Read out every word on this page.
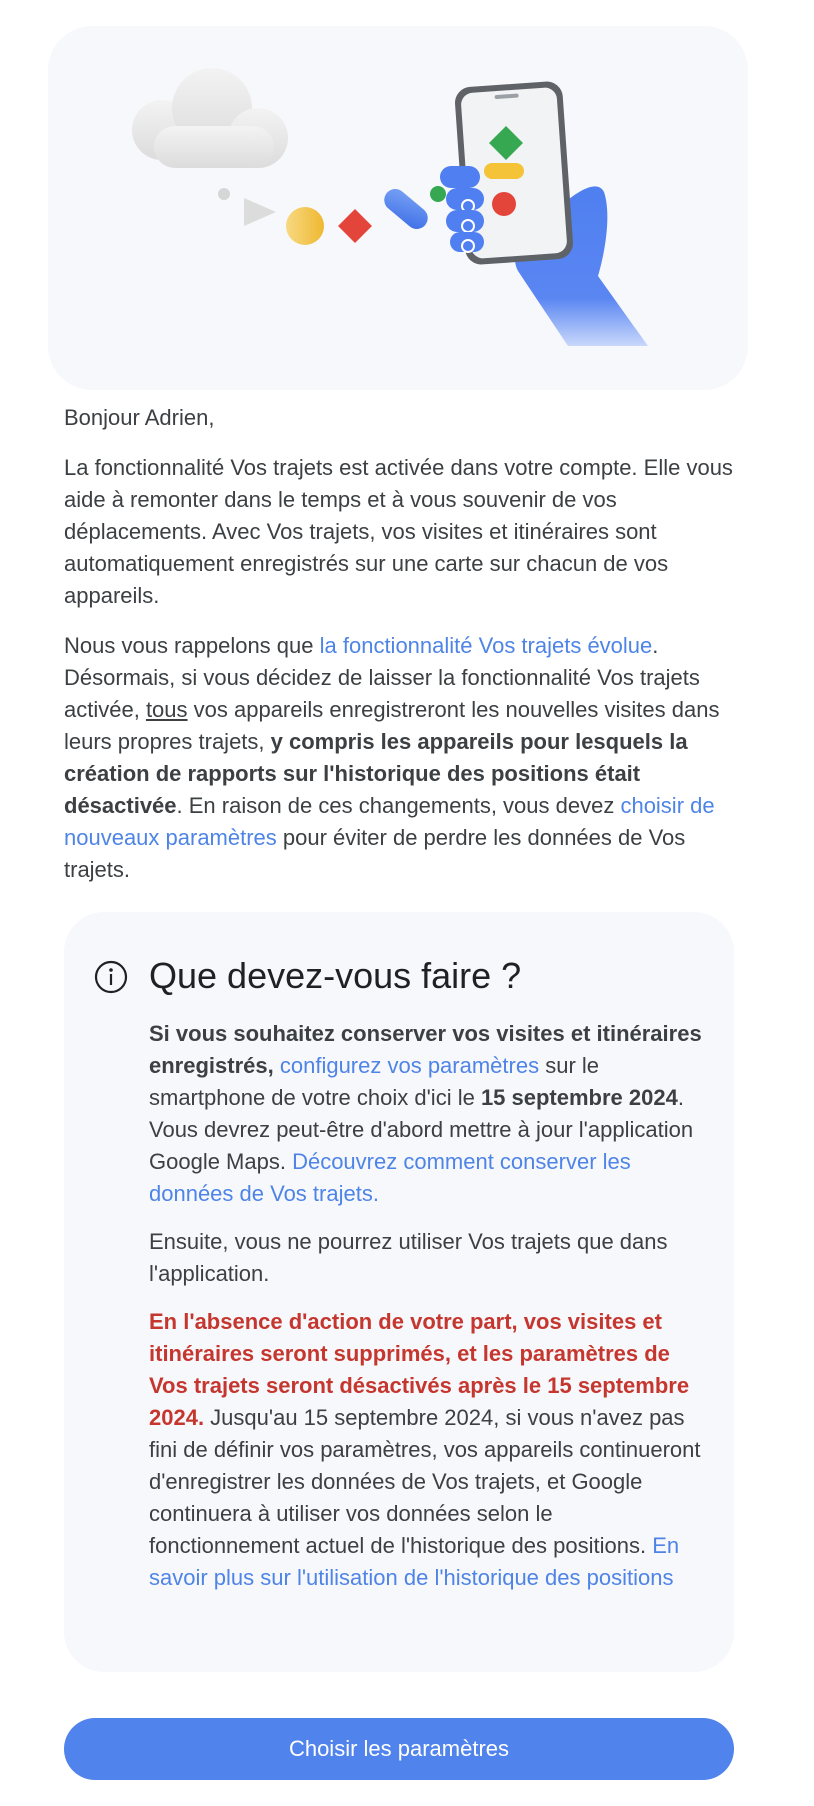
Bonjour Adrien,

La fonctionnalité Vos trajets est activée dans votre compte. Elle vous aide à remonter dans le temps et à vous souvenir de vos déplacements. Avec Vos trajets, vos visites et itinéraires sont automatiquement enregistrés sur une carte sur chacun de vos appareils.

Nous vous rappelons que la fonctionnalité Vos trajets évolue. Désormais, si vous décidez de laisser la fonctionnalité Vos trajets activée, tous vos appareils enregistreront les nouvelles visites dans leurs propres trajets, y compris les appareils pour lesquels la création de rapports sur l'historique des positions était désactivée. En raison de ces changements, vous devez choisir de nouveaux paramètres pour éviter de perdre les données de Vos trajets.

Que devez-vous faire ?

Si vous souhaitez conserver vos visites et itinéraires enregistrés, configurez vos paramètres sur le smartphone de votre choix d'ici le 15 septembre 2024. Vous devrez peut-être d'abord mettre à jour l'application Google Maps. Découvrez comment conserver les données de Vos trajets.

Ensuite, vous ne pourrez utiliser Vos trajets que dans l'application.

En l'absence d'action de votre part, vos visites et itinéraires seront supprimés, et les paramètres de Vos trajets seront désactivés après le 15 septembre 2024. Jusqu'au 15 septembre 2024, si vous n'avez pas fini de définir vos paramètres, vos appareils continueront d'enregistrer les données de Vos trajets, et Google continuera à utiliser vos données selon le fonctionnement actuel de l'historique des positions. En savoir plus sur l'utilisation de l'historique des positions

Choisir les paramètres
